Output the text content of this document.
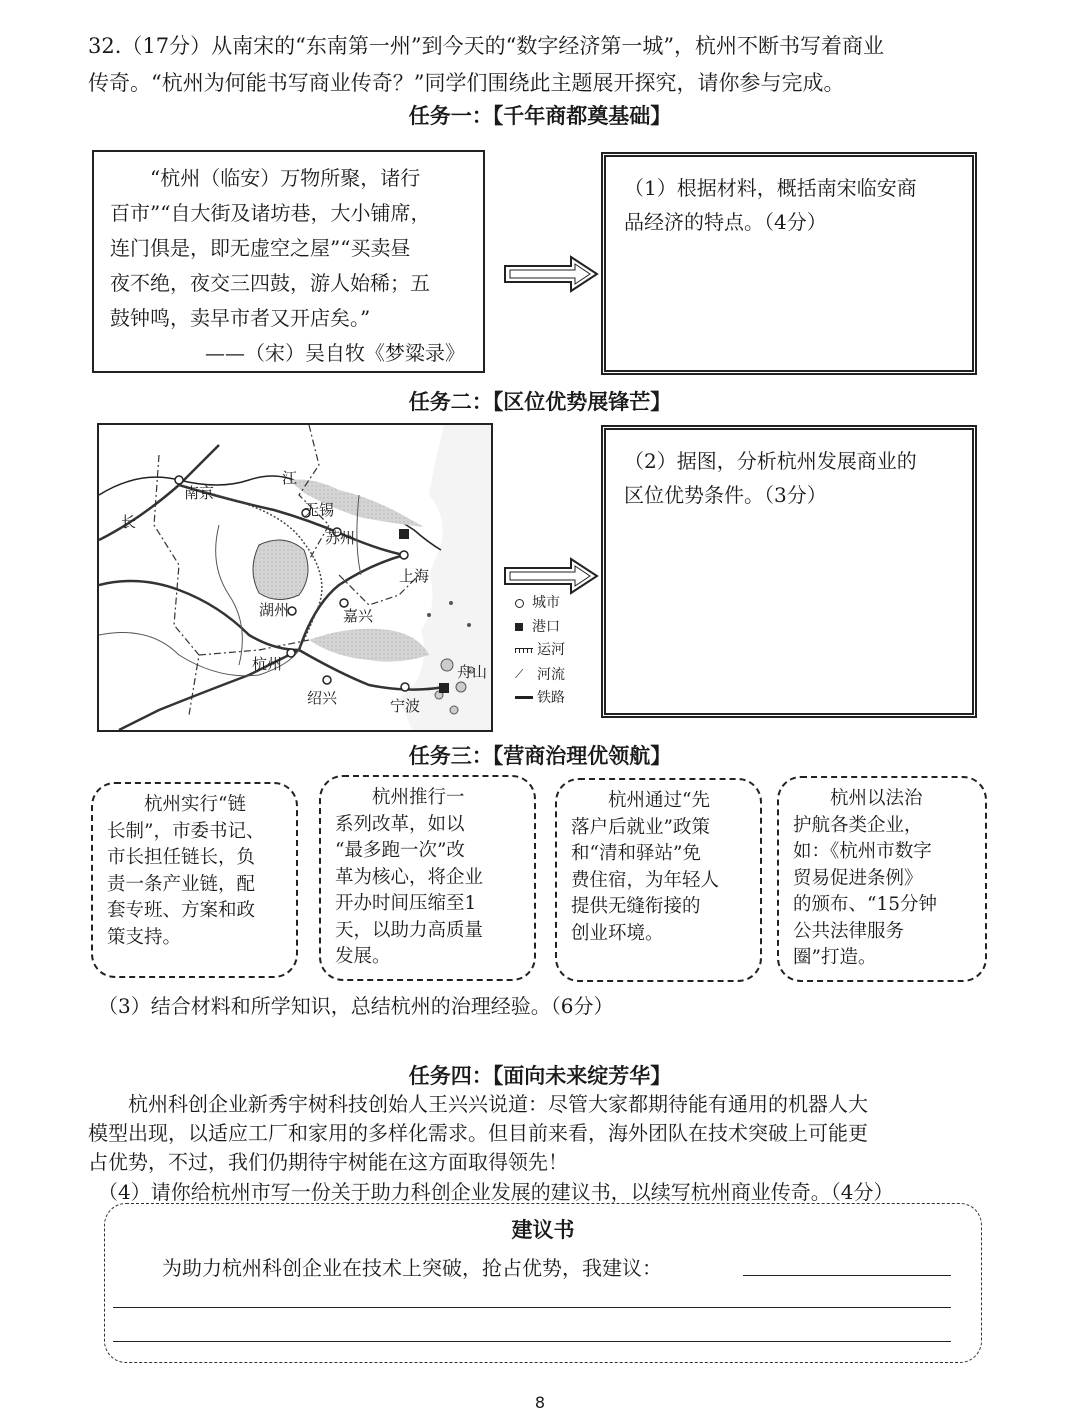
32.（17分）从南宋的“东南第一州”到今天的“数字经济第一城”，杭州不断书写着商业
传奇。“杭州为何能书写商业传奇？”同学们围绕此主题展开探究，请你参与完成。
任务一：【千年商都奠基础】
“杭州（临安）万物所聚，诸行
百市”“自大街及诸坊巷，大小铺席，
连门俱是，即无虚空之屋”“买卖昼
夜不绝，夜交三四鼓，游人始稀；五
鼓钟鸣，卖早市者又开店矣。”
——（宋）吴自牧《梦粱录》
（1）根据材料，概括南宋临安商
品经济的特点。（4分）
任务二：【区位优势展锋芒】
南京
江
长
无锡
苏州
上海
湖州	嘉兴
杭州
绍兴	宁波
舟山
城市
港口
运河
⟋ 河流
铁路
（2）据图，分析杭州发展商业的
区位优势条件。（3分）
任务三：【营商治理优领航】
杭州实行“链
长制”，市委书记、
市长担任链长，负
责一条产业链，配
套专班、方案和政
策支持。
杭州推行一
系列改革，如以
“最多跑一次”改
革为核心，将企业
开办时间压缩至1
天，以助力高质量
发展。
杭州通过“先
落户后就业”政策
和“清和驿站”免
费住宿，为年轻人
提供无缝衔接的
创业环境。
杭州以法治
护航各类企业，
如：《杭州市数字
贸易促进条例》
的颁布、“15分钟
公共法律服务
圈”打造。
（3）结合材料和所学知识，总结杭州的治理经验。（6分）
任务四：【面向未来绽芳华】
杭州科创企业新秀宇树科技创始人王兴兴说道：尽管大家都期待能有通用的机器人大
模型出现，以适应工厂和家用的多样化需求。但目前来看，海外团队在技术突破上可能更
占优势，不过，我们仍期待宇树能在这方面取得领先！
（4）请你给杭州市写一份关于助力科创企业发展的建议书，以续写杭州商业传奇。（4分）
建议书
为助力杭州科创企业在技术上突破，抢占优势，我建议：
8
